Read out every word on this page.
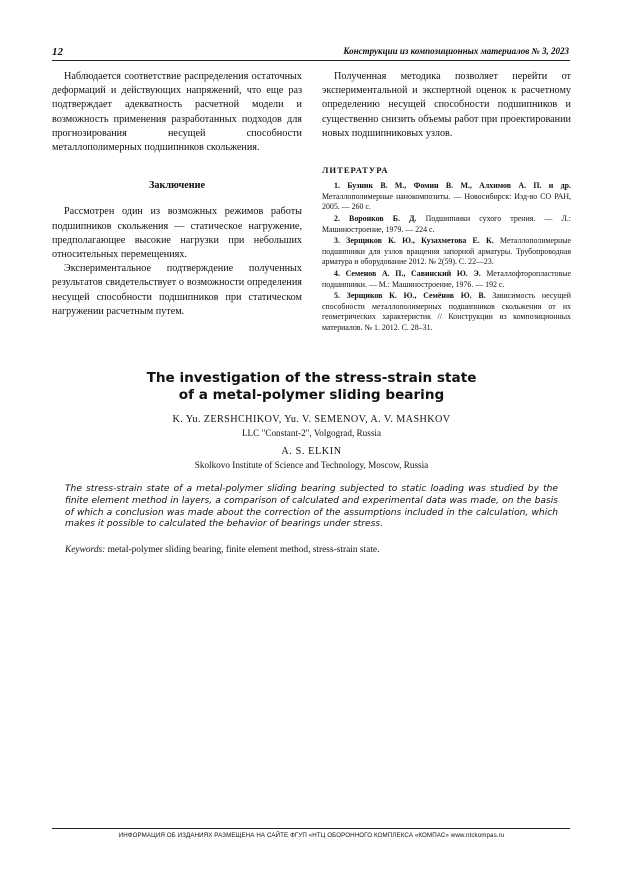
12	Конструкции из композиционных материалов № 3, 2023

Наблюдается соответствие распределения остаточных деформаций и действующих напряжений, что еще раз подтверждает адекватность расчетной модели и возможность применения разработанных подходов для прогнозирования несущей способности металлополимерных подшипников скольжения.

Заключение

Рассмотрен один из возможных режимов работы подшипников скольжения — статическое нагружение, предполагающее высокие нагрузки при небольших относительных перемещениях.

Экспериментальное подтверждение полученных результатов свидетельствует о возможности определения несущей способности подшипников при статическом нагружении расчетным путем.

Полученная методика позволяет перейти от экспериментальной и экспертной оценок к расчетному определению несущей способности подшипников и существенно снизить объемы работ при проектировании новых подшипниковых узлов.

ЛИТЕРАТУРА
1. Бузник В. М., Фомин В. М., Алхимов А. П. и др. Металлополимерные нанокомпозиты. — Новосибирск: Изд-во СО РАН, 2005. — 260 с.
2. Воронков Б. Д. Подшипники сухого трения. — Л.: Машиностроение, 1979. — 224 с.
3. Зерщиков К. Ю., Кузахметова Е. К. Металлополимерные подшипники для узлов вращения запорной арматуры. Трубопроводная арматура и оборудование 2012. № 2(59). С. 22—23.
4. Семенов А. П., Савинский Ю. Э. Металлофторопластовые подшипники. — М.: Машиностроение, 1976. — 192 с.
5. Зерщиков К. Ю., Семёнов Ю. В. Зависимость несущей способности металлополимерных подшипников скольжения от их геометрических характеристик // Конструкции из композиционных материалов. № 1. 2012. С. 28–31.
The investigation of the stress-strain state
of a metal-polymer sliding bearing
K. Yu. ZERSHCHIKOV, Yu. V. SEMENOV, A. V. MASHKOV
LLC "Constant-2", Volgograd, Russia
A. S. ELKIN
Skolkovo Institute of Science and Technology, Moscow, Russia
The stress-strain state of a metal-polymer sliding bearing subjected to static loading was studied by the finite element method in layers, a comparison of calculated and experimental data was made, on the basis of which a conclusion was made about the correction of the assumptions included in the calculation, which makes it possible to calculated the behavior of bearings under stress.
Keywords: metal-polymer sliding bearing, finite element method, stress-strain state.
ИНФОРМАЦИЯ ОБ ИЗДАНИЯХ РАЗМЕЩЕНА НА САЙТЕ ФГУП «НТЦ ОБОРОННОГО КОМПЛЕКСА «КОМПАС» www.ntckompas.ru
